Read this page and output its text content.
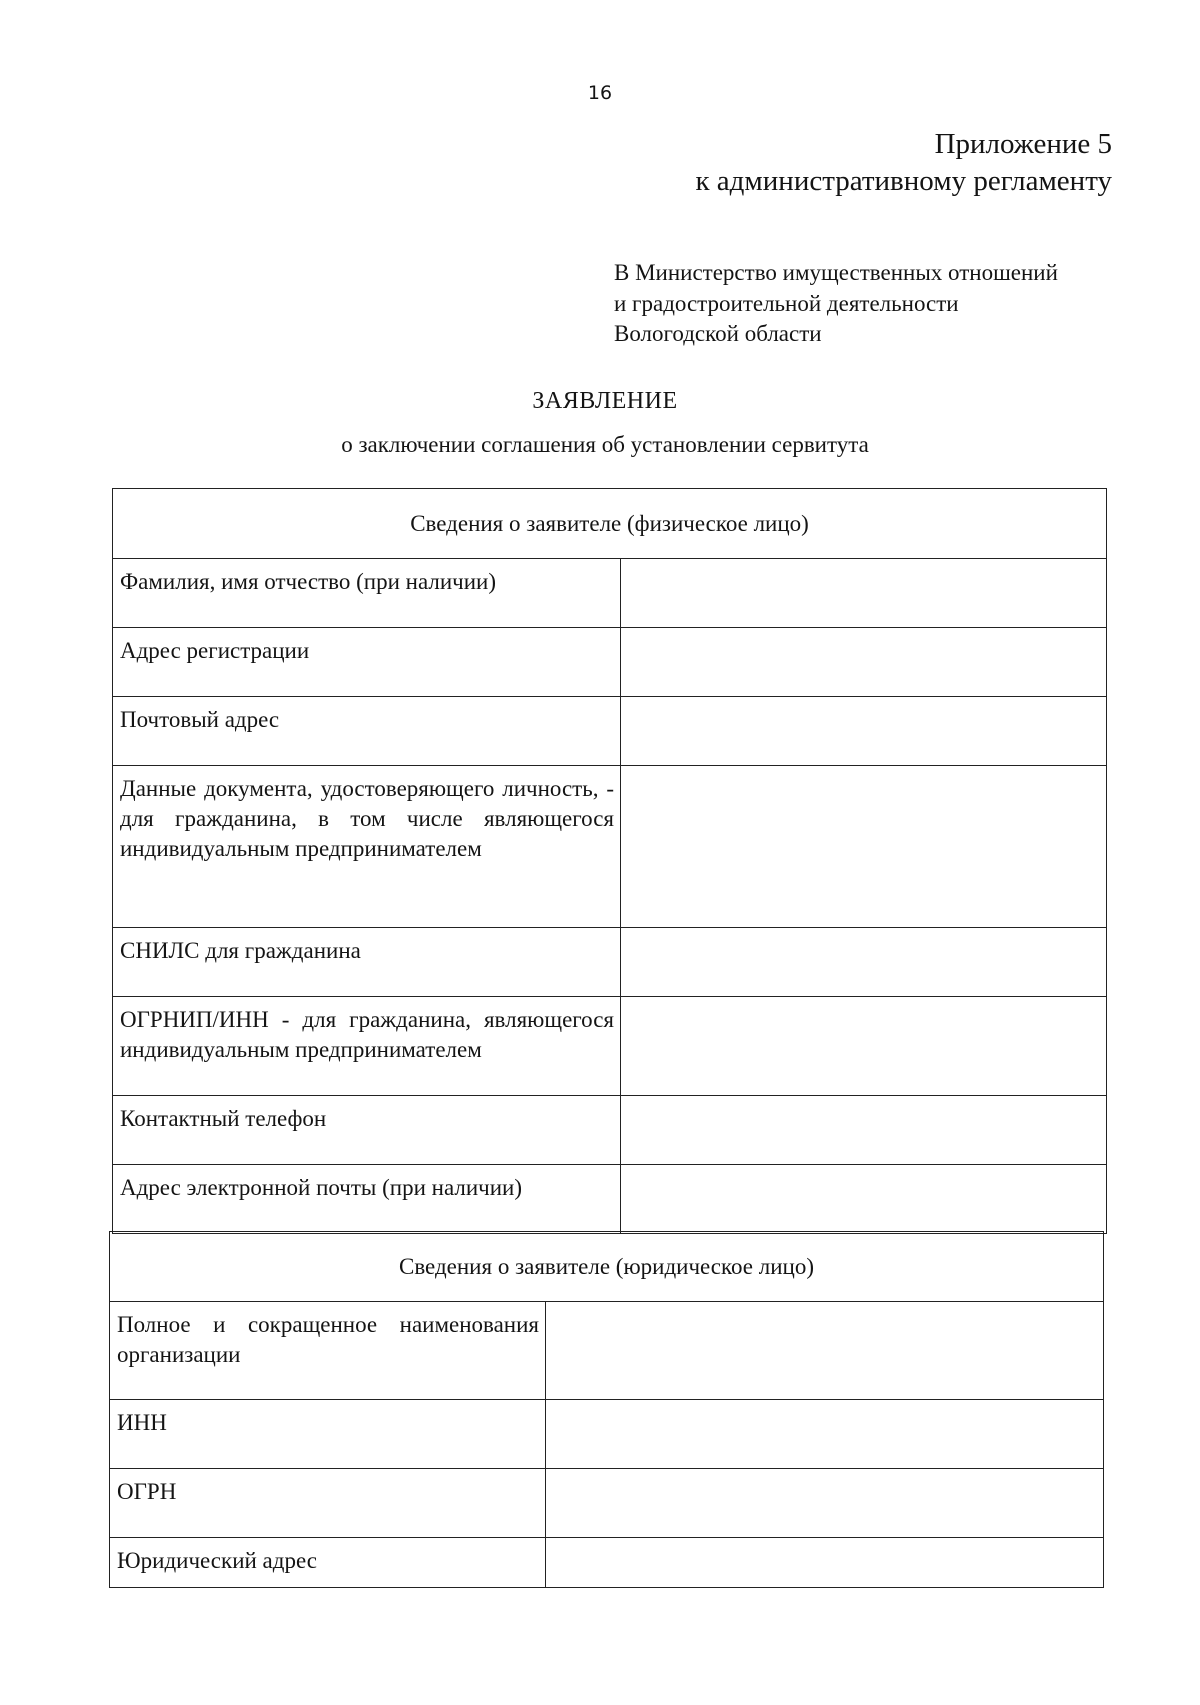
16
Приложение 5
к административному регламенту
В Министерство имущественных отношений
и градостроительной деятельности
Вологодской области
ЗАЯВЛЕНИЕ
о заключении соглашения об установлении сервитута
Сведения о заявителе (физическое лицо)	
Фамилия, имя отчество (при наличии)	
Адрес регистрации	
Почтовый адрес	
Данные документа, удостоверяющего личность, - для гражданина, в том числе являющегося индивидуальным предпринимателем	
СНИЛС для гражданина	
ОГРНИП/ИНН - для гражданина, являющегося индивидуальным предпринимателем	
Контактный телефон	
Адрес электронной почты (при наличии)	
Сведения о заявителе (юридическое лицо)	
Полное и сокращенное наименования организации	
ИНН	
ОГРН	
Юридический адрес	
